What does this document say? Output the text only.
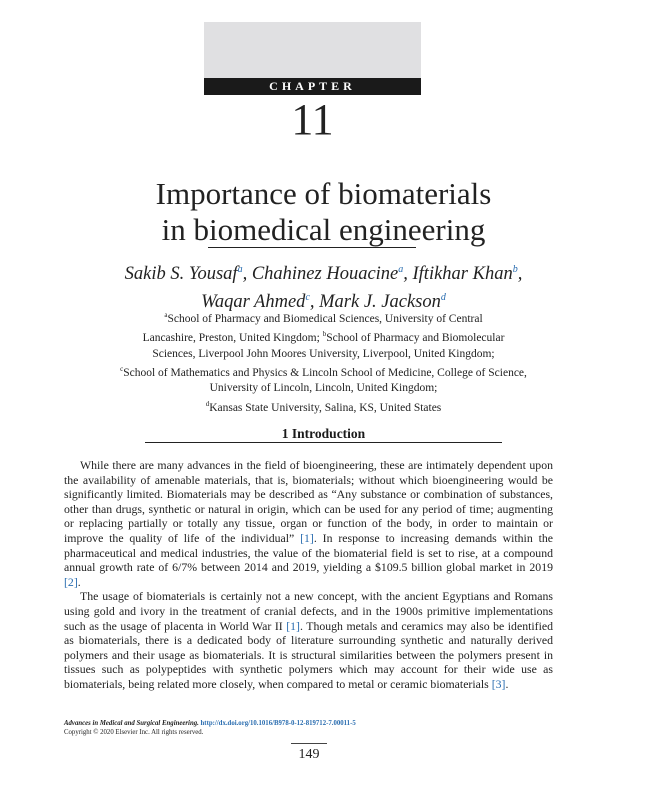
CHAPTER
11
Importance of biomaterials
in biomedical engineering
Sakib S. Yousaf$^a$, Chahinez Houacine$^a$, Iftikhar Khan$^b$,
Waqar Ahmed$^c$, Mark J. Jackson$^d$
$^a$School of Pharmacy and Biomedical Sciences, University of Central
Lancashire, Preston, United Kingdom; $^b$School of Pharmacy and Biomolecular
Sciences, Liverpool John Moores University, Liverpool, United Kingdom;
$^c$School of Mathematics and Physics & Lincoln School of Medicine, College of Science,
University of Lincoln, Lincoln, United Kingdom;
$^d$Kansas State University, Salina, KS, United States
1 Introduction

While there are many advances in the field of bioengineering, these are intimately dependent upon the availability of amenable materials, that is, biomaterials; without which bioengineering would be significantly limited. Biomaterials may be described as “Any substance or combination of substances, other than drugs, synthetic or natural in origin, which can be used for any period of time; augmenting or replacing partially or totally any tissue, organ or function of the body, in order to maintain or improve the quality of life of the individual” [1]. In response to increasing demands within the pharmaceutical and medical industries, the value of the biomaterial field is set to rise, at a compound annual growth rate of 6/7% between 2014 and 2019, yielding a $109.5 billion global market in 2019 [2].

The usage of biomaterials is certainly not a new concept, with the ancient Egyptians and Romans using gold and ivory in the treatment of cranial defects, and in the 1900s primitive implementations such as the usage of placenta in World War II [1]. Though metals and ceramics may also be identified as biomaterials, there is a dedicated body of literature surrounding synthetic and naturally derived polymers and their usage as biomaterials. It is structural similarities between the polymers present in tissues such as polypeptides with synthetic polymers which may account for their wide use as biomaterials, being related more closely, when compared to metal or ceramic biomaterials [3].

Advances in Medical and Surgical Engineering. http://dx.doi.org/10.1016/B978-0-12-819712-7.00011-5
Copyright © 2020 Elsevier Inc. All rights reserved.
149
